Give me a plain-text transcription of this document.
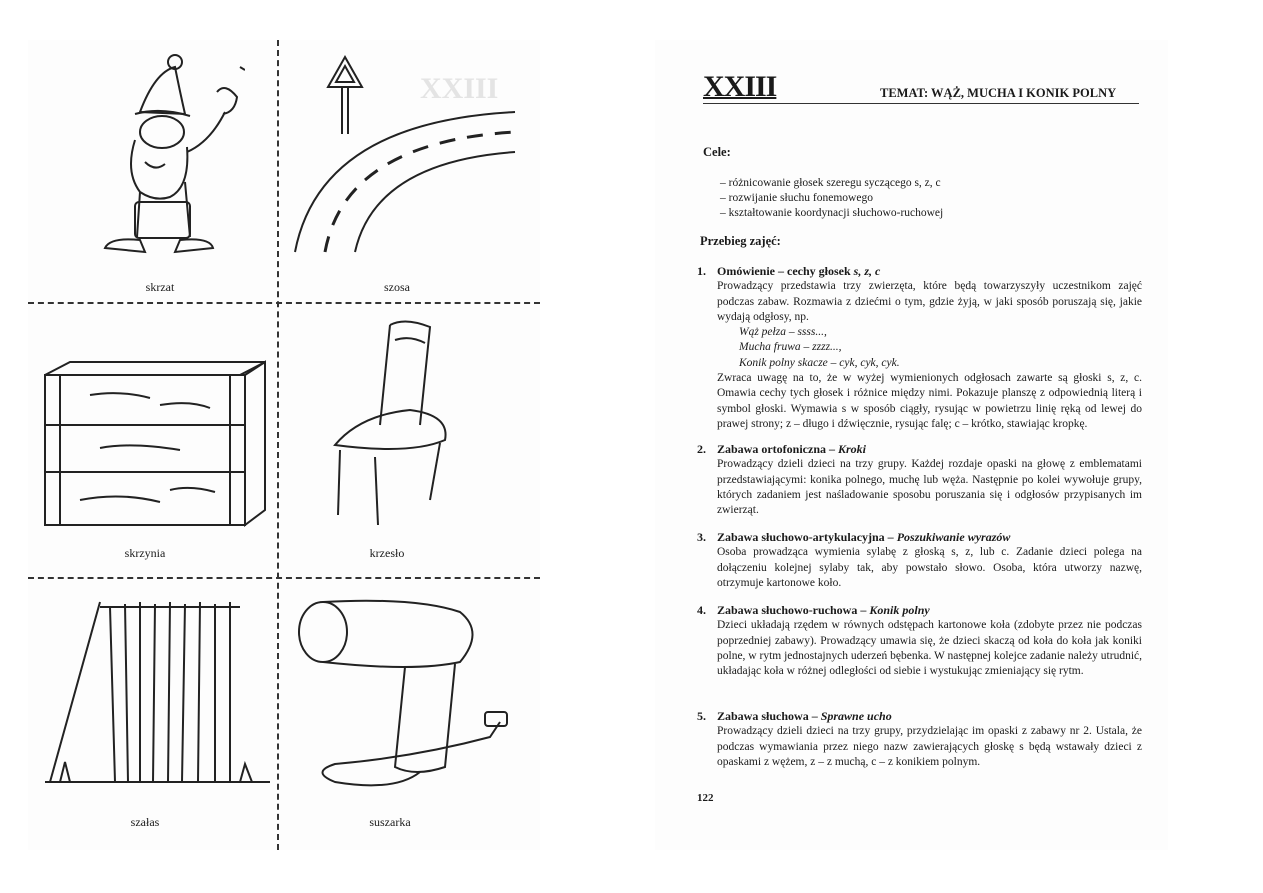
XXIII
skrzat	szosa
skrzynia	krzesło
szałas	suszarka
XXIII	TEMAT: WĄŻ, MUCHA I KONIK POLNY
Cele:
– różnicowanie głosek szeregu syczącego s, z, c
– rozwijanie słuchu fonemowego
– kształtowanie koordynacji słuchowo-ruchowej
Przebieg zajęć:
1. Omówienie – cechy głosek s, z, c
Prowadzący przedstawia trzy zwierzęta, które będą towarzyszyły uczestnikom zajęć podczas zabaw. Rozmawia z dziećmi o tym, gdzie żyją, w jaki sposób poruszają się, jakie wydają odgłosy, np.
Wąż pełza – ssss...,
Mucha fruwa – zzzz...,
Konik polny skacze – cyk, cyk, cyk.
Zwraca uwagę na to, że w wyżej wymienionych odgłosach zawarte są głoski s, z, c. Omawia cechy tych głosek i różnice między nimi. Pokazuje planszę z odpowiednią literą i symbol głoski. Wymawia s w sposób ciągły, rysując w powietrzu linię ręką od lewej do prawej strony; z – długo i dźwięcznie, rysując falę; c – krótko, stawiając kropkę.
2. Zabawa ortofoniczna – Kroki
Prowadzący dzieli dzieci na trzy grupy. Każdej rozdaje opaski na głowę z emblematami przedstawiającymi: konika polnego, muchę lub węża. Następnie po kolei wywołuje grupy, których zadaniem jest naśladowanie sposobu poruszania się i odgłosów przypisanych im zwierząt.
3. Zabawa słuchowo-artykulacyjna – Poszukiwanie wyrazów
Osoba prowadząca wymienia sylabę z głoską s, z, lub c. Zadanie dzieci polega na dołączeniu kolejnej sylaby tak, aby powstało słowo. Osoba, która utworzy nazwę, otrzymuje kartonowe koło.
4. Zabawa słuchowo-ruchowa – Konik polny
Dzieci układają rzędem w równych odstępach kartonowe koła (zdobyte przez nie podczas poprzedniej zabawy). Prowadzący umawia się, że dzieci skaczą od koła do koła jak koniki polne, w rytm jednostajnych uderzeń bębenka. W następnej kolejce zadanie należy utrudnić, układając koła w różnej odległości od siebie i wystukując zmieniający się rytm.
5. Zabawa słuchowa – Sprawne ucho
Prowadzący dzieli dzieci na trzy grupy, przydzielając im opaski z zabawy nr 2. Ustala, że podczas wymawiania przez niego nazw zawierających głoskę s będą wstawały dzieci z opaskami z wężem, z – z muchą, c – z konikiem polnym.
122
